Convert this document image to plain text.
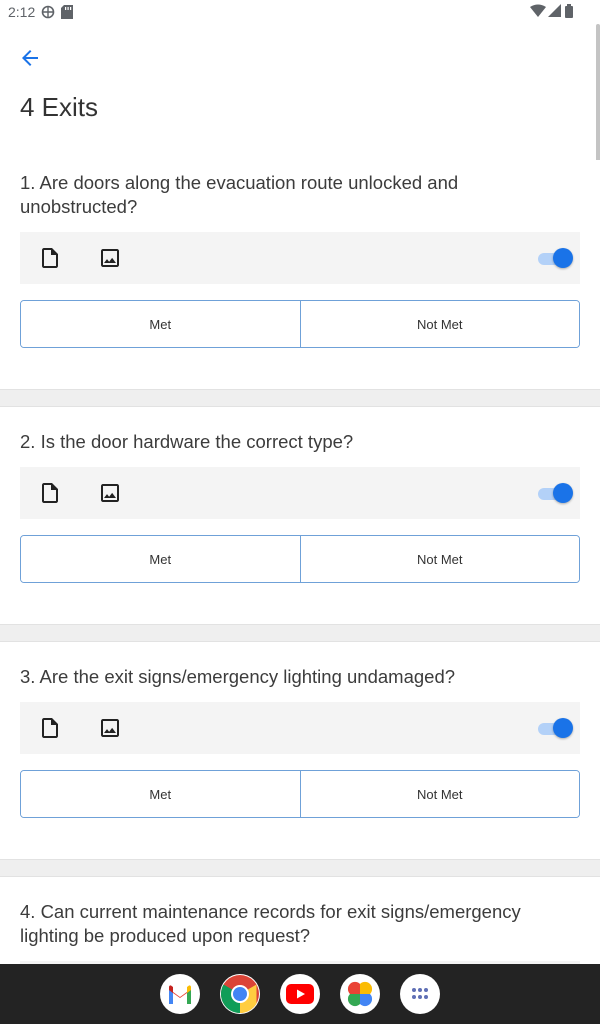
2:12
4 Exits

1. Are doors along the evacuation route unlocked and unobstructed?

Met	Not Met

2. Is the door hardware the correct type?

Met	Not Met

3. Are the exit signs/emergency lighting undamaged?

Met	Not Met

4. Can current maintenance records for exit signs/emergency lighting be produced upon request?
